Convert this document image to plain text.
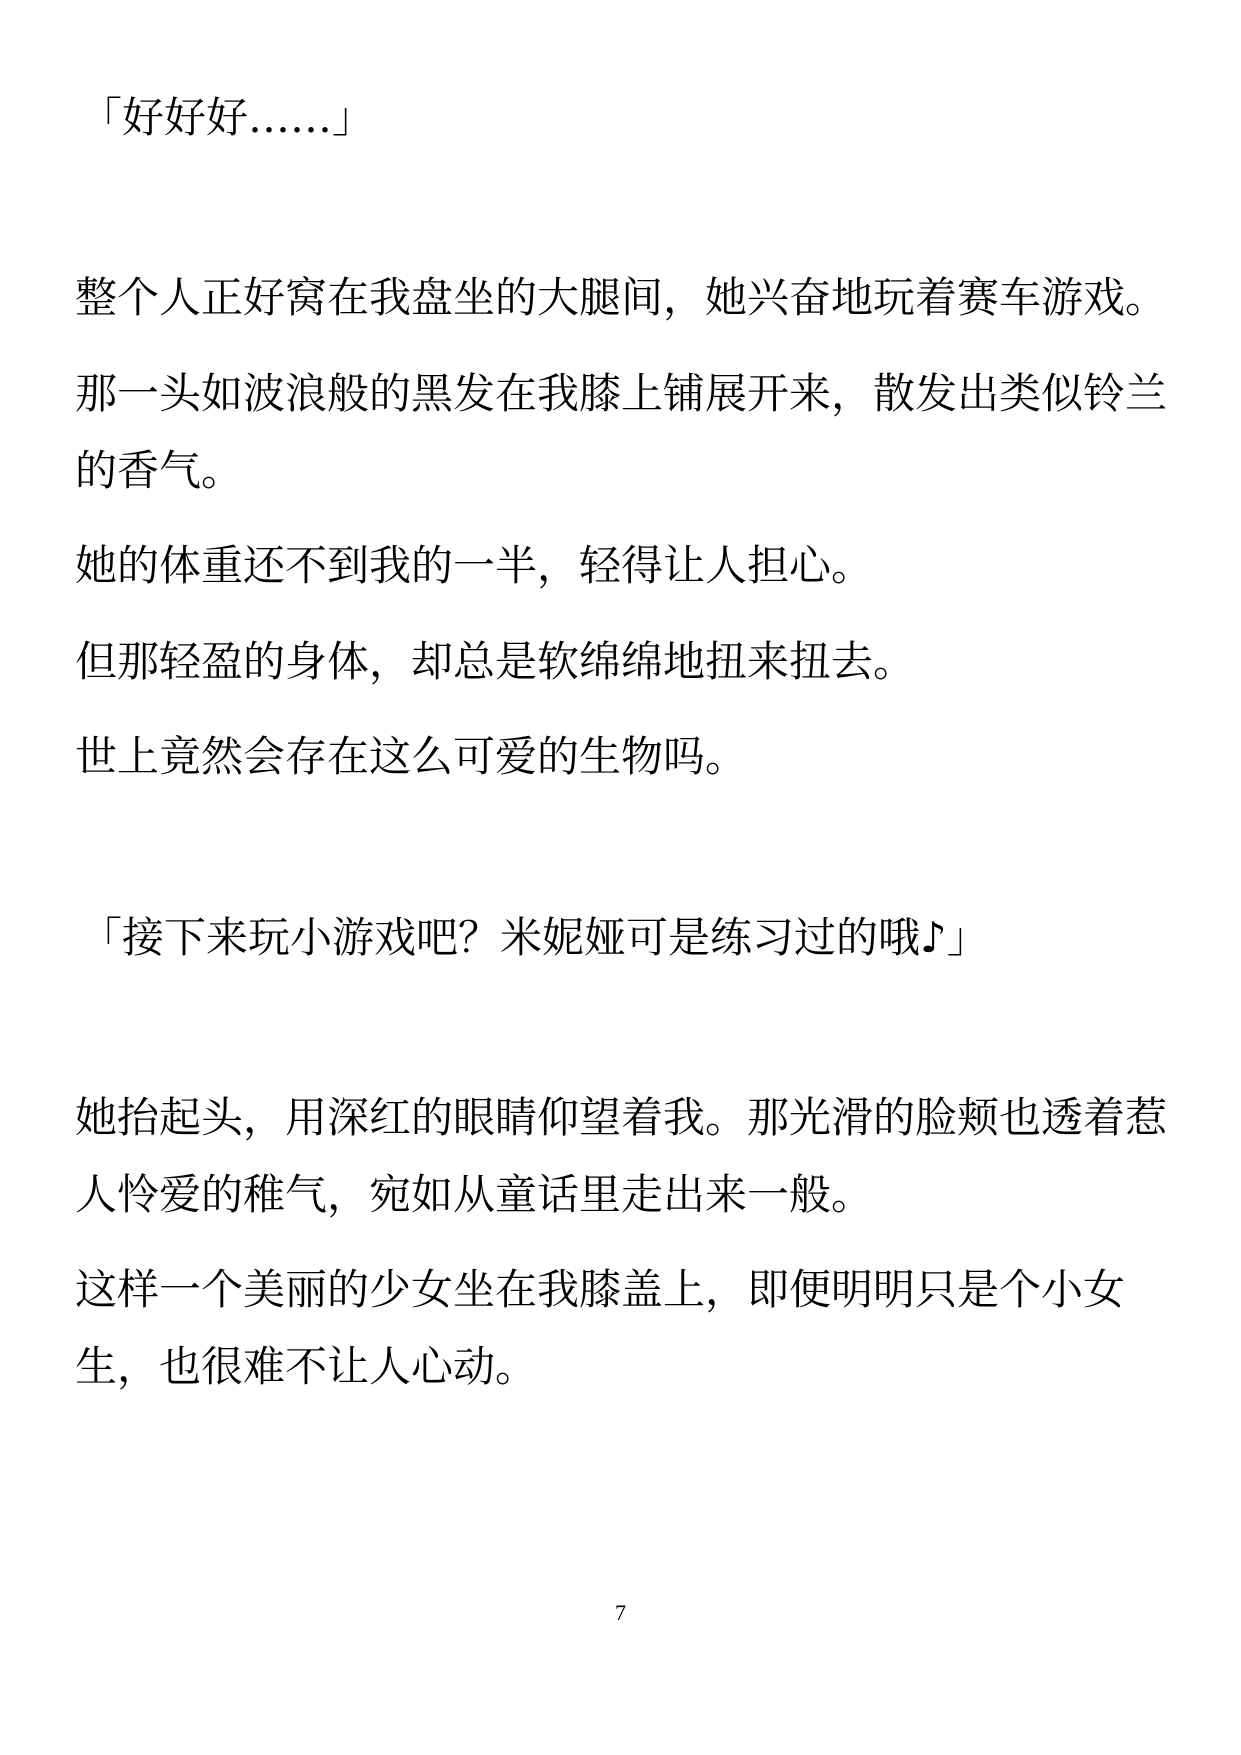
「好好好……」
整个人正好窝在我盘坐的大腿间，她兴奋地玩着赛车游戏。
那一头如波浪般的黑发在我膝上铺展开来，散发出类似铃兰
的香气。
她的体重还不到我的一半，轻得让人担心。
但那轻盈的身体，却总是软绵绵地扭来扭去。
世上竟然会存在这么可爱的生物吗。
「接下来玩小游戏吧？米妮娅可是练习过的哦♪」
她抬起头，用深红的眼睛仰望着我。那光滑的脸颊也透着惹
人怜爱的稚气，宛如从童话里走出来一般。
这样一个美丽的少女坐在我膝盖上，即便明明只是个小女
生，也很难不让人心动。
7
